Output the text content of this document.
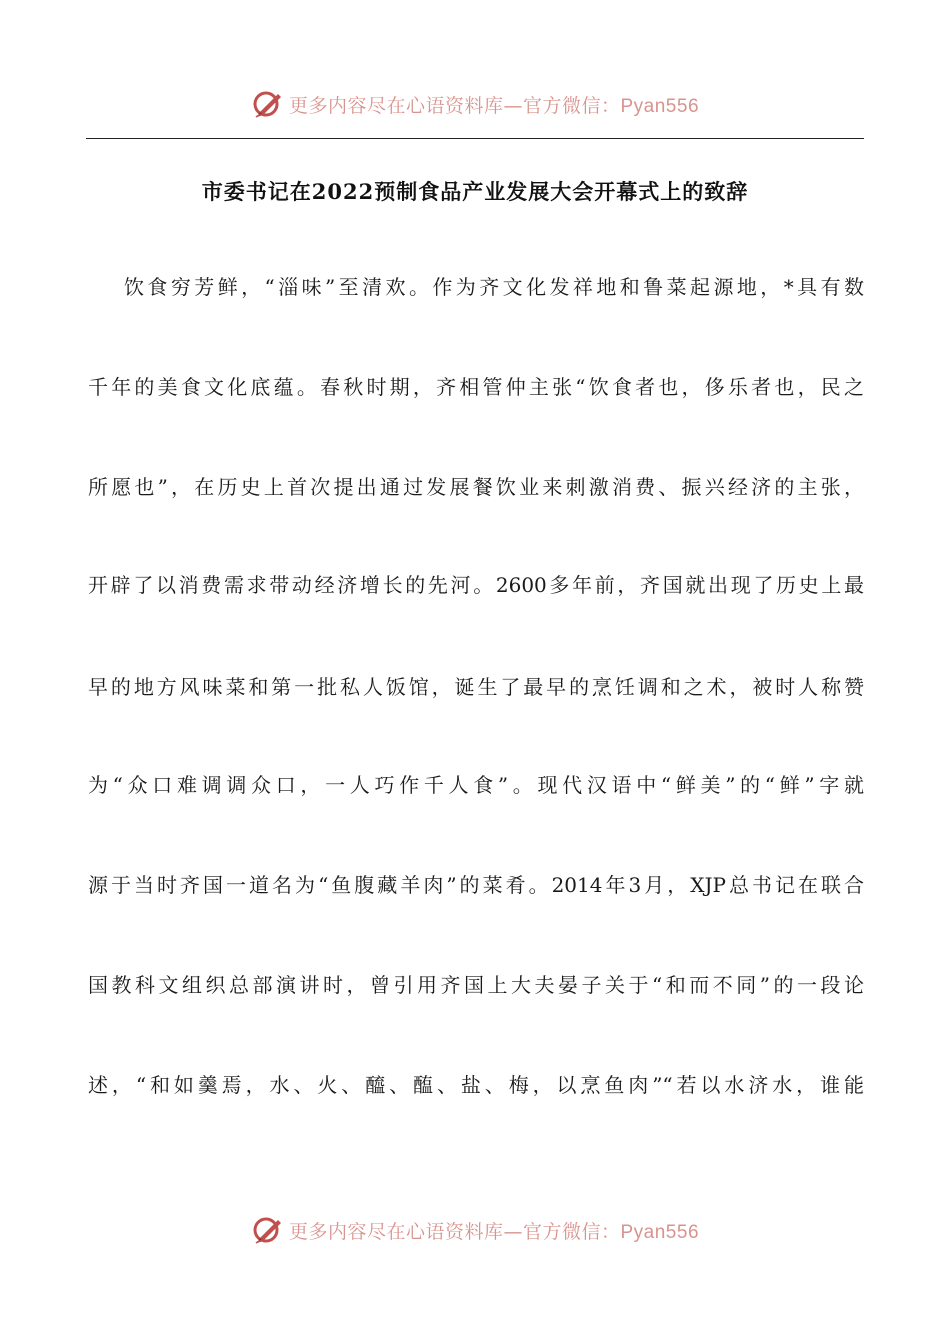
更多内容尽在心语资料库—官方微信：Pyan556
市委书记在2022预制食品产业发展大会开幕式上的致辞
饮食穷芳鲜，“淄味”至清欢。作为齐文化发祥地和鲁菜起源地，*具有数
千年的美食文化底蕴。春秋时期，齐相管仲主张“饮食者也，侈乐者也，民之
所愿也”，在历史上首次提出通过发展餐饮业来刺激消费、振兴经济的主张，
开辟了以消费需求带动经济增长的先河。2600多年前，齐国就出现了历史上最
早的地方风味菜和第一批私人饭馆，诞生了最早的烹饪调和之术，被时人称赞
为“众口难调调众口，一人巧作千人食”。现代汉语中“鲜美”的“鲜”字就
源于当时齐国一道名为“鱼腹藏羊肉”的菜肴。2014年3月，XJP总书记在联合
国教科文组织总部演讲时，曾引用齐国上大夫晏子关于“和而不同”的一段论
述，“和如羹焉，水、火、醯、醢、盐、梅，以烹鱼肉”“若以水济水，谁能
更多内容尽在心语资料库—官方微信：Pyan556
